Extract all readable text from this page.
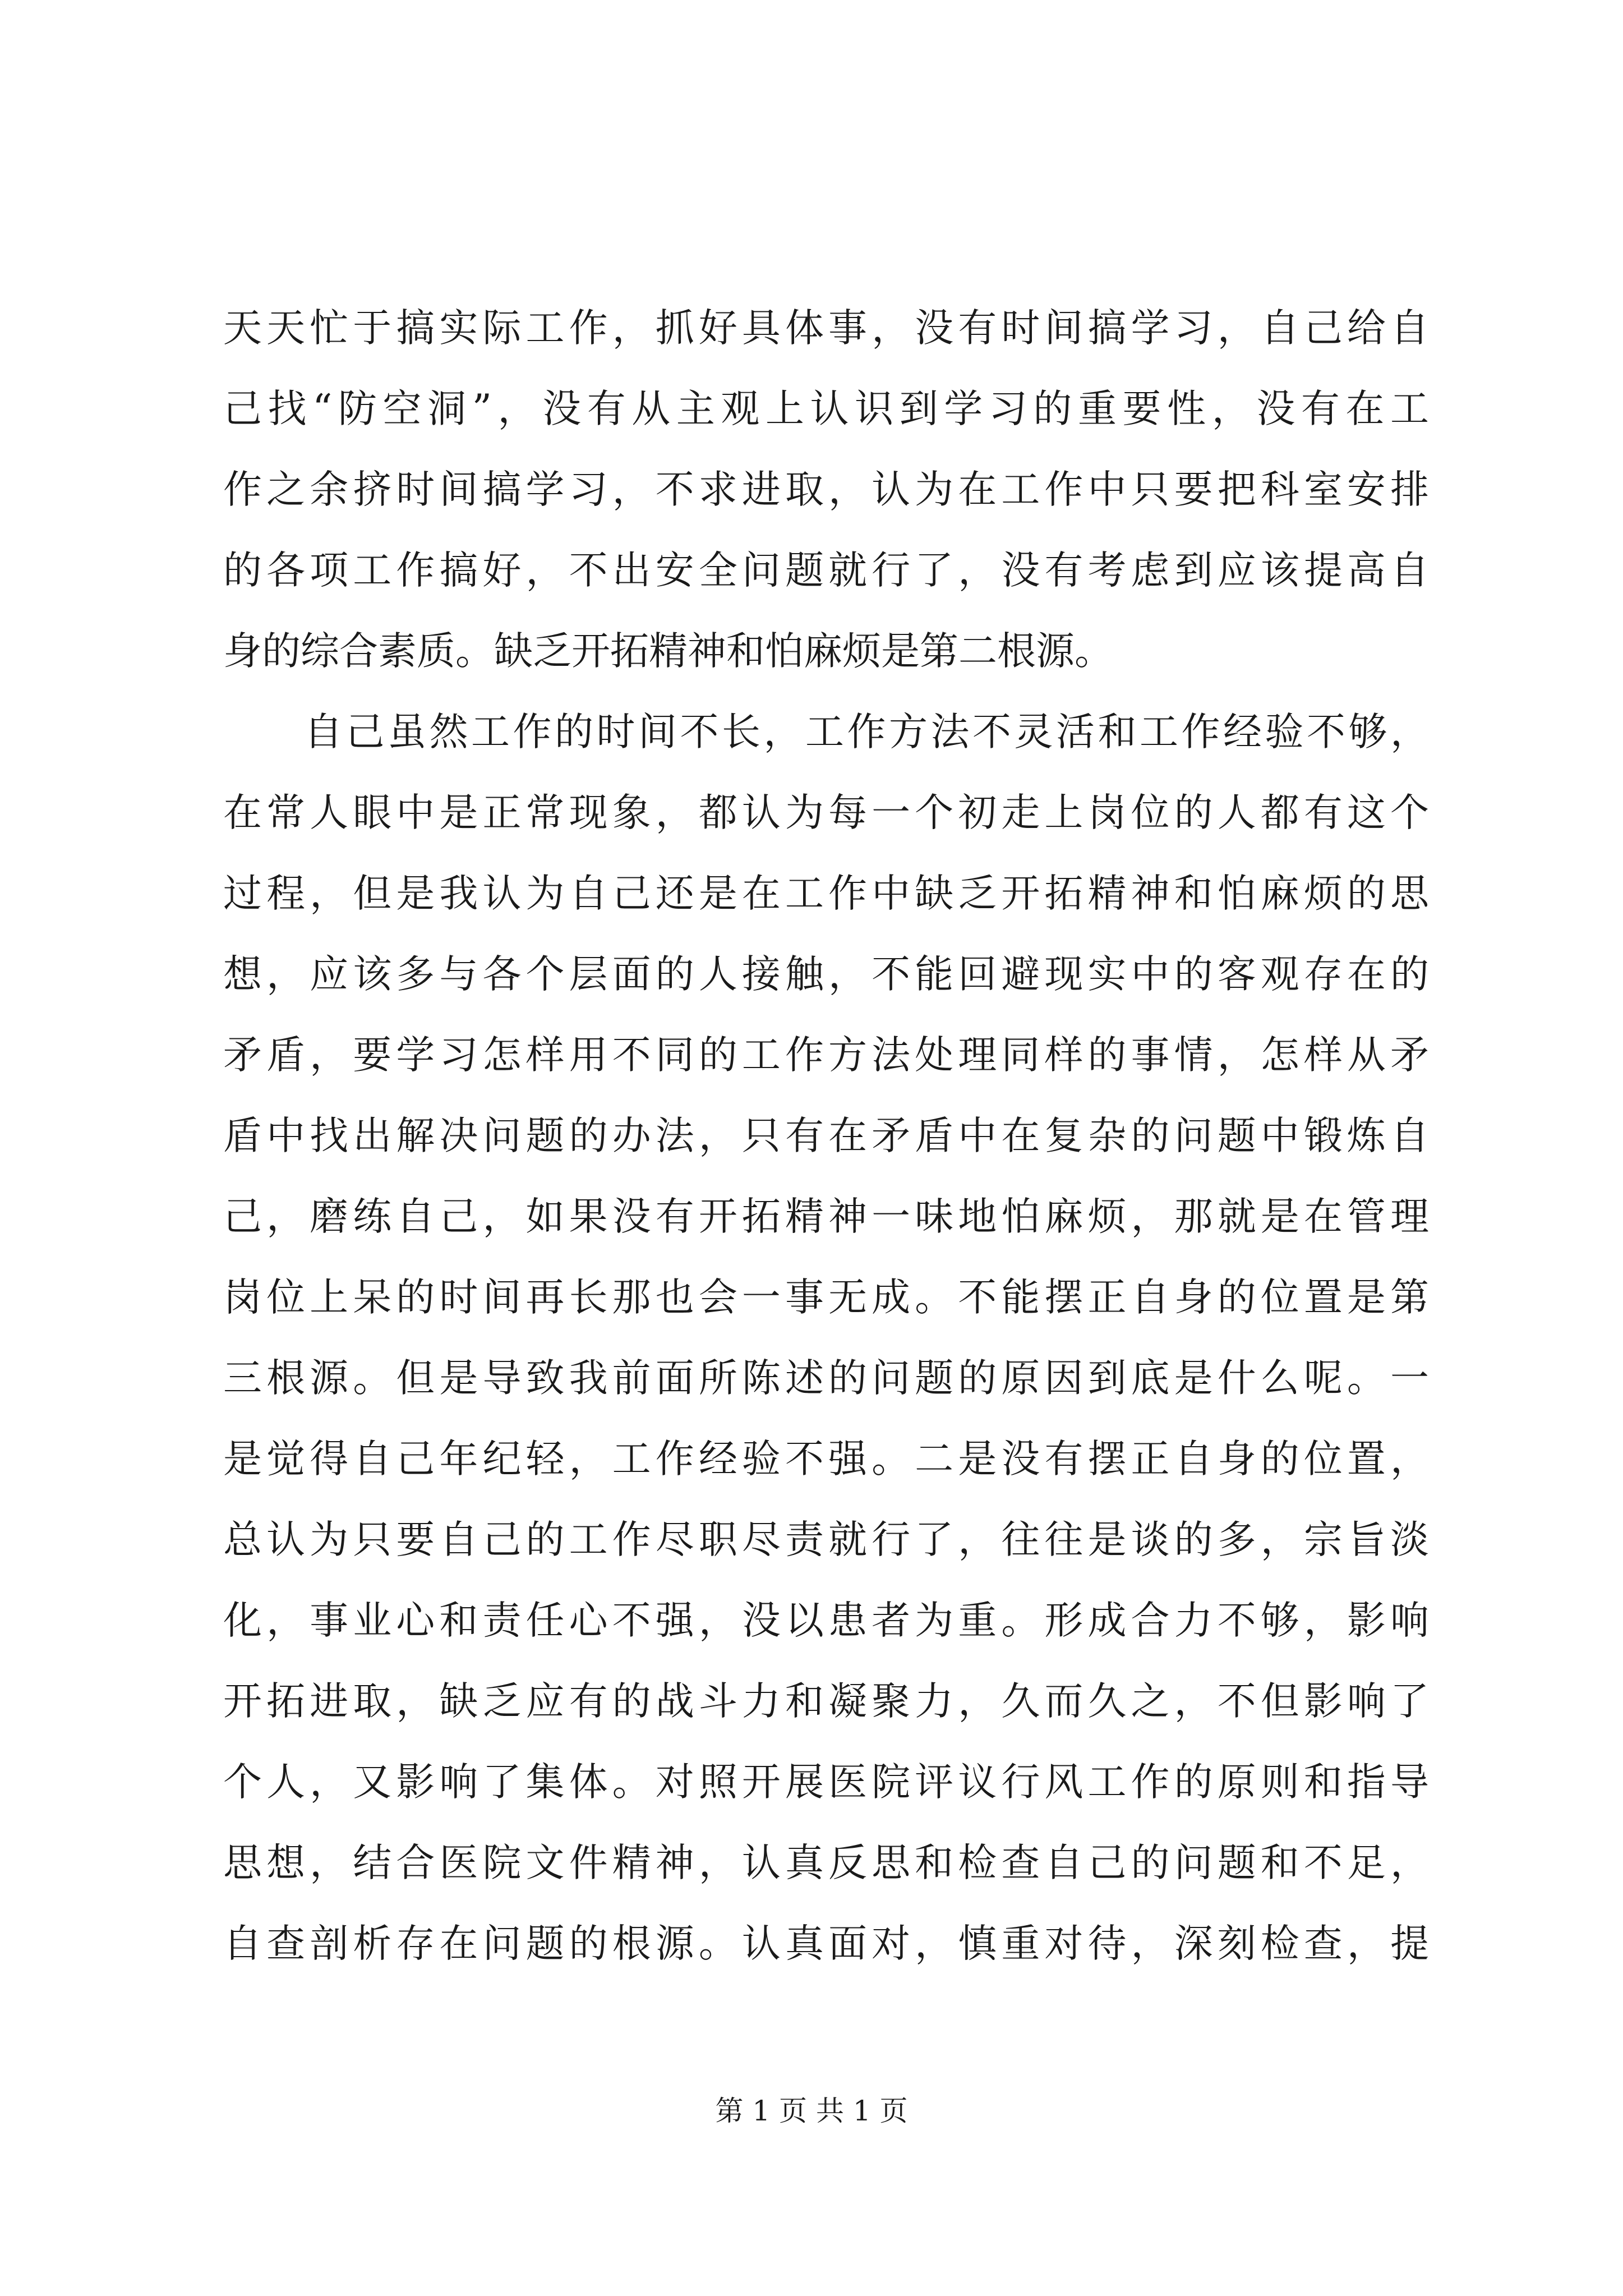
天天忙于搞实际工作，抓好具体事，没有时间搞学习，自己给自
己找“防空洞”，没有从主观上认识到学习的重要性，没有在工
作之余挤时间搞学习，不求进取，认为在工作中只要把科室安排
的各项工作搞好，不出安全问题就行了，没有考虑到应该提高自
身的综合素质。缺乏开拓精神和怕麻烦是第二根源。
自己虽然工作的时间不长，工作方法不灵活和工作经验不够，
在常人眼中是正常现象，都认为每一个初走上岗位的人都有这个
过程，但是我认为自己还是在工作中缺乏开拓精神和怕麻烦的思
想，应该多与各个层面的人接触，不能回避现实中的客观存在的
矛盾，要学习怎样用不同的工作方法处理同样的事情，怎样从矛
盾中找出解决问题的办法，只有在矛盾中在复杂的问题中锻炼自
己，磨练自己，如果没有开拓精神一味地怕麻烦，那就是在管理
岗位上呆的时间再长那也会一事无成。不能摆正自身的位置是第
三根源。但是导致我前面所陈述的问题的原因到底是什么呢。一
是觉得自己年纪轻，工作经验不强。二是没有摆正自身的位置，
总认为只要自己的工作尽职尽责就行了，往往是谈的多，宗旨淡
化，事业心和责任心不强，没以患者为重。形成合力不够，影响
开拓进取，缺乏应有的战斗力和凝聚力，久而久之，不但影响了
个人，又影响了集体。对照开展医院评议行风工作的原则和指导
思想，结合医院文件精神，认真反思和检查自己的问题和不足，
自查剖析存在问题的根源。认真面对，慎重对待，深刻检查，提
第 1 页 共 1 页
